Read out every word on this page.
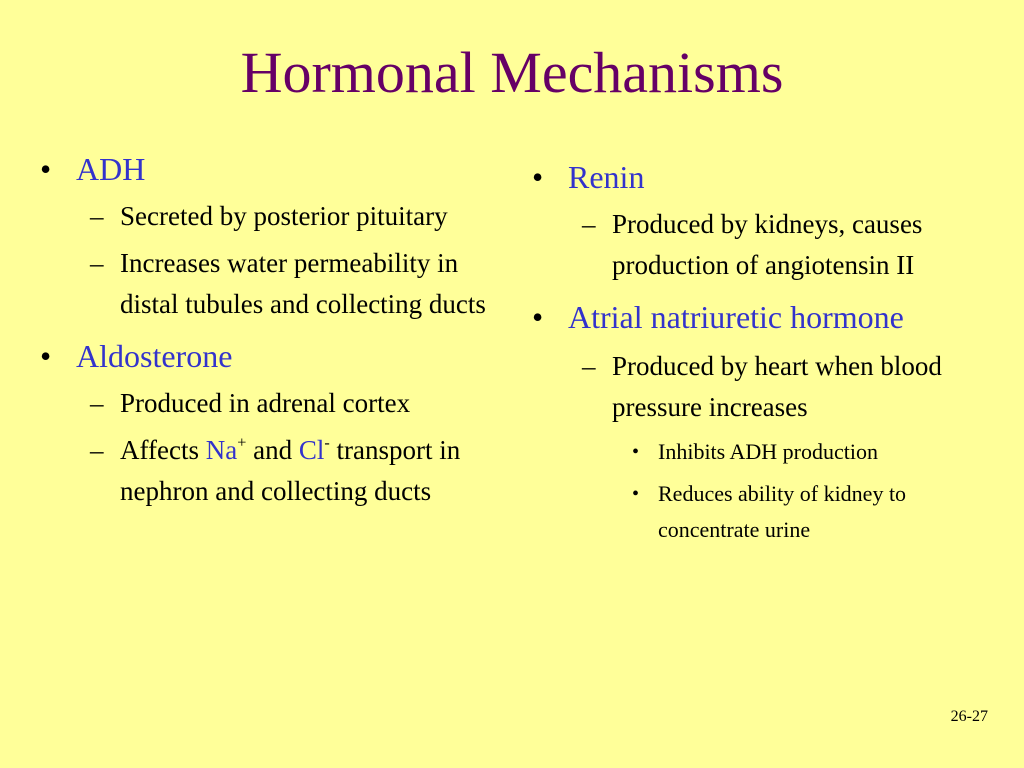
Hormonal Mechanisms
• ADH
– Secreted by posterior pituitary
– Increases water permeability in distal tubules and collecting ducts
• Aldosterone
– Produced in adrenal cortex
– Affects Na+ and Cl- transport in nephron and collecting ducts
• Renin
– Produced by kidneys, causes production of angiotensin II
• Atrial natriuretic hormone
– Produced by heart when blood pressure increases
• Inhibits ADH production
• Reduces ability of kidney to concentrate urine
26-27
